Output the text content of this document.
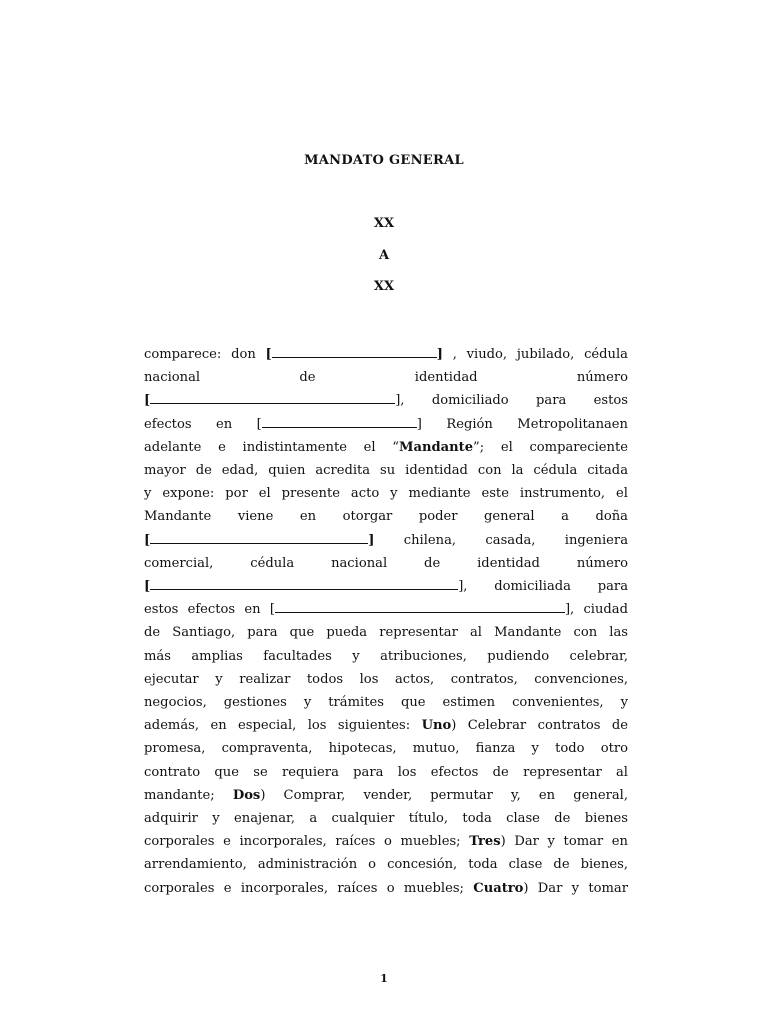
MANDATO GENERAL
XX
A
XX
comparece: don [	] , viudo, jubilado, cédula
nacional de identidad número
[	], domiciliado para estos
efectos en [	] Región Metropolitanaen
adelante e indistintamente el “Mandante”; el compareciente
mayor de edad, quien acredita su identidad con la cédula citada
y expone: por el presente acto y mediante este instrumento, el
Mandante viene en otorgar poder general a doña
[	] chilena, casada, ingeniera
comercial, cédula nacional de identidad número
[	], domiciliada para
estos efectos en [	], ciudad
de Santiago, para que pueda representar al Mandante con las
más amplias facultades y atribuciones, pudiendo celebrar,
ejecutar y realizar todos los actos, contratos, convenciones,
negocios, gestiones y trámites que estimen convenientes, y
además, en especial, los siguientes: Uno) Celebrar contratos de
promesa, compraventa, hipotecas, mutuo, fianza y todo otro
contrato que se requiera para los efectos de representar al
mandante; Dos) Comprar, vender, permutar y, en general,
adquirir y enajenar, a cualquier título, toda clase de bienes
corporales e incorporales, raíces o muebles; Tres) Dar y tomar en
arrendamiento, administración o concesión, toda clase de bienes,
corporales e incorporales, raíces o muebles; Cuatro) Dar y tomar
1
